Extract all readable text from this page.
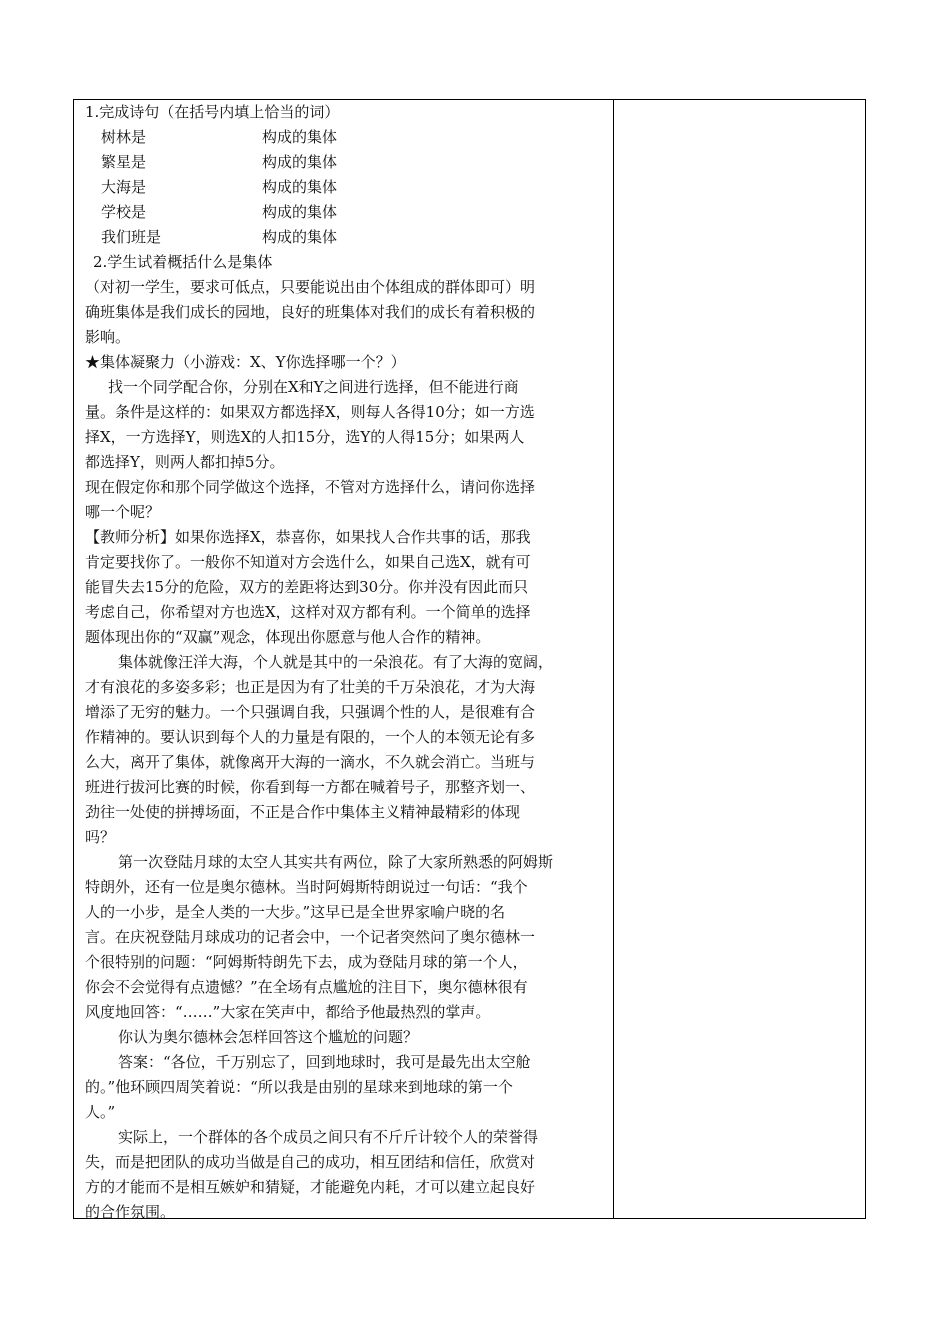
1.完成诗句（在括号内填上恰当的词）
树林是	构成的集体
繁星是	构成的集体
大海是	构成的集体
学校是	构成的集体
我们班是	构成的集体
2.学生试着概括什么是集体
（对初一学生，要求可低点，只要能说出由个体组成的群体即可）明
确班集体是我们成长的园地，良好的班集体对我们的成长有着积极的
影响。
★集体凝聚力（小游戏：X、Y你选择哪一个？）
找一个同学配合你，分别在X和Y之间进行选择，但不能进行商
量。条件是这样的：如果双方都选择X，则每人各得10分；如一方选
择X，一方选择Y，则选X的人扣15分，选Y的人得15分；如果两人
都选择Y，则两人都扣掉5分。
现在假定你和那个同学做这个选择，不管对方选择什么，请问你选择
哪一个呢？
【教师分析】如果你选择X，恭喜你，如果找人合作共事的话，那我
肯定要找你了。一般你不知道对方会选什么，如果自己选X，就有可
能冒失去15分的危险，双方的差距将达到30分。你并没有因此而只
考虑自己，你希望对方也选X，这样对双方都有利。一个简单的选择
题体现出你的“双赢”观念，体现出你愿意与他人合作的精神。
集体就像汪洋大海，个人就是其中的一朵浪花。有了大海的宽阔，
才有浪花的多姿多彩；也正是因为有了壮美的千万朵浪花，才为大海
增添了无穷的魅力。一个只强调自我，只强调个性的人，是很难有合
作精神的。要认识到每个人的力量是有限的，一个人的本领无论有多
么大，离开了集体，就像离开大海的一滴水，不久就会消亡。当班与
班进行拔河比赛的时候，你看到每一方都在喊着号子，那整齐划一、
劲往一处使的拼搏场面，不正是合作中集体主义精神最精彩的体现
吗？
第一次登陆月球的太空人其实共有两位，除了大家所熟悉的阿姆斯
特朗外，还有一位是奥尔德林。当时阿姆斯特朗说过一句话：“我个
人的一小步，是全人类的一大步。”这早已是全世界家喻户晓的名
言。在庆祝登陆月球成功的记者会中，一个记者突然问了奥尔德林一
个很特别的问题：“阿姆斯特朗先下去，成为登陆月球的第一个人，
你会不会觉得有点遗憾？”在全场有点尴尬的注目下，奥尔德林很有
风度地回答：“……”大家在笑声中，都给予他最热烈的掌声。
你认为奥尔德林会怎样回答这个尴尬的问题？
答案：“各位，千万别忘了，回到地球时，我可是最先出太空舱
的。”他环顾四周笑着说：“所以我是由别的星球来到地球的第一个
人。”
实际上，一个群体的各个成员之间只有不斤斤计较个人的荣誉得
失，而是把团队的成功当做是自己的成功，相互团结和信任，欣赏对
方的才能而不是相互嫉妒和猜疑，才能避免内耗，才可以建立起良好
的合作氛围。
